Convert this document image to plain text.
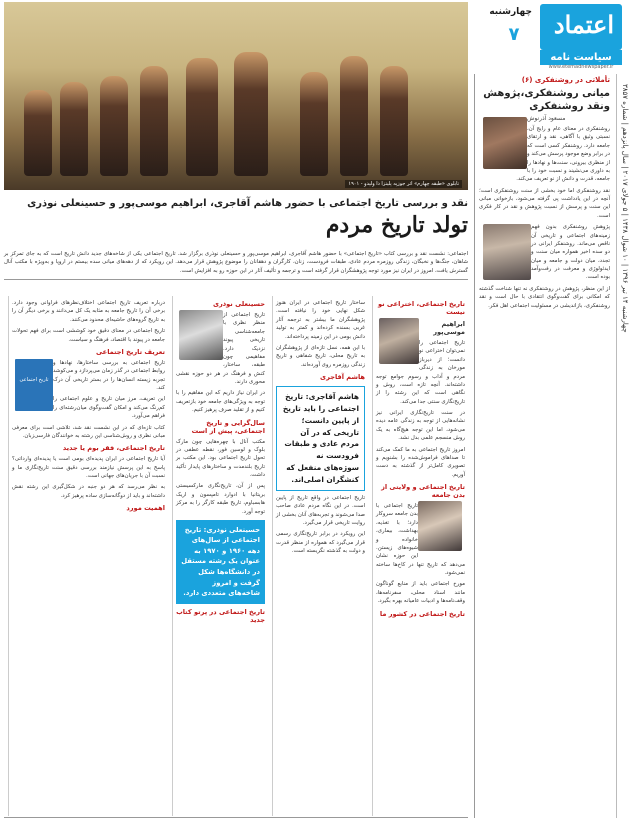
اعتماد
چهارشنبه
۷
سیاست نامه
www.etemadnewspaper.ir
چهارشنبه ۱۴ تیر ۱۳۹۶ | ۱۰ شوال ۱۴۳۸ | ۵ جولای ۲۰۱۷ | سال پانزدهم | شماره ۳۸۵۷
تأملاتی در روشنفکری (۶)
میانی روشنفکری،پژوهش ونقد روشنفکری
مسعود آذرنوش

روشنفکری در معنای عام و رایج آن، نسبتی وثیق با آگاهی، نقد و ارتقای جامعه دارد. روشنفکر کسی است که در برابر وضع موجود پرسش می‌کند و از منظری بیرونی، سنت‌ها و نهادها را به داوری می‌نشیند و نسبت خود را با جامعه، قدرت و دانش از نو تعریف می‌کند.

نقد روشنفکری اما خود بخشی از سنت روشنفکری است؛ آنچه در این یادداشت پی گرفته می‌شود، بازخوانی مبانی این سنت و پرسش از نسبت پژوهش و نقد در کار فکری است.

پژوهش روشنفکری بدون فهم زمینه‌های اجتماعی و تاریخی آن ناقص می‌ماند. روشنفکر ایرانی در دو سده اخیر همواره میان سنت و تجدد، میان دولت و جامعه و میان ایدئولوژی و معرفت در رفت‌وآمد بوده است.

از این منظر، پژوهش در روشنفکری نه تنها شناخت گذشته که امکانی برای گفت‌وگوی انتقادی با حال است و نقد روشنفکری، بازاندیشی در مسئولیت اجتماعی اهل فکر.

تابلوی «طبقه چهارم» اثر جوزپه پلیتزا دا ولپدو - ۱۹۰۱
نقد و بررسی تاریخ اجتماعی با حضور هاشم آقاجری، ابراهیم موسی‌پور و حسینعلی نوذری
تولد تاریخ مردم

اجتماعی: نشست نقد و بررسی کتاب «تاریخ اجتماعی» با حضور هاشم آقاجری، ابراهیم موسی‌پور و حسینعلی نوذری برگزار شد. تاریخ اجتماعی یکی از شاخه‌های جدید دانش تاریخ است که به جای تمرکز بر شاهان، جنگ‌ها و نخبگان، زندگی روزمره مردم عادی، طبقات فرودست، زنان، کارگران و دهقانان را موضوع پژوهش قرار می‌دهد. این رویکرد که از دهه‌های میانی سده بیستم در اروپا و به‌ویژه با مکتب آنال گسترش یافت، امروز در ایران نیز مورد توجه پژوهشگران قرار گرفته است و ترجمه و تألیف آثار در این حوزه رو به افزایش است.

تاریخ اجتماعی، اختراعی نو نیست
ابراهیم موسی‌پور

تاریخ اجتماعی را نمی‌توان اختراعی نو دانست؛ از دیرباز مورخان به زندگی مردم و آداب و رسوم جوامع توجه داشته‌اند. آنچه تازه است، روش و نگاهی است که این رشته را از تاریخ‌نگاری سنتی جدا می‌کند.

در سنت تاریخ‌نگاری ایرانی نیز نشانه‌هایی از توجه به زندگی عامه دیده می‌شود، اما این توجه هیچ‌گاه به یک روش منسجم علمی بدل نشد.

امروز تاریخ اجتماعی به ما کمک می‌کند تا صداهای فراموش‌شده را بشنویم و تصویری کامل‌تر از گذشته به دست آوریم.

تاریخ اجتماعی و ولایتی از بدن جامعه

تاریخ اجتماعی با بدن جامعه سروکار دارد؛ با تغذیه، بهداشت، بیماری، خانواده و شیوه‌های زیستن. این حوزه نشان می‌دهد که تاریخ تنها در کاخ‌ها ساخته نمی‌شود.

مورخ اجتماعی باید از منابع گوناگون مانند اسناد محلی، سفرنامه‌ها، وقف‌نامه‌ها و ادبیات عامیانه بهره بگیرد.

تاریخ اجتماعی در کشور ما

ساختار تاریخ اجتماعی در ایران هنوز شکل نهایی خود را نیافته است. پژوهشگران ما بیشتر به ترجمه آثار غربی بسنده کرده‌اند و کمتر به تولید دانش بومی در این زمینه پرداخته‌اند.

با این همه، نسل تازه‌ای از پژوهشگران به تاریخ محلی، تاریخ شفاهی و تاریخ زندگی روزمره روی آورده‌اند.

هاشم آقاجری
هاشم آقاجری: تاریخ اجتماعی را باید تاریخ از پایین دانست؛ تاریخی که در آن مردم عادی و طبقات فرودست نه سوژه‌های منفعل که کنشگران اصلی‌اند.

تاریخ اجتماعی در واقع تاریخ از پایین است. در این نگاه مردم عادی صاحب صدا می‌شوند و تجربه‌های آنان بخشی از روایت تاریخی قرار می‌گیرد.

این رویکرد در برابر تاریخ‌نگاری رسمی قرار می‌گیرد که همواره از منظر قدرت و دولت به گذشته نگریسته است.

حسینعلی نوذری

تاریخ اجتماعی از منظر نظری با جامعه‌شناسی تاریخی پیوند نزدیک دارد. مفاهیمی چون طبقه، ساختار، کنش و فرهنگ در هر دو حوزه نقشی محوری دارند.

در ایران نیاز داریم که این مفاهیم را با توجه به ویژگی‌های جامعه خود بازتعریف کنیم و از تقلید صرف پرهیز کنیم.

سال‌گرایی و تاریخ اجتماعی، پیش از است

مکتب آنال با چهره‌هایی چون مارک بلوک و لوسین فور، نقطه عطفی در تحول تاریخ اجتماعی بود. این مکتب بر تاریخ بلندمدت و ساختارهای پایدار تأکید داشت.

پس از آن، تاریخ‌نگاری مارکسیستی بریتانیا با ادوارد تامپسون و اریک هابسباوم، تاریخ طبقه کارگر را به مرکز توجه آورد.

حسینعلی نوذری: تاریخ اجتماعی از سال‌های دهه ۱۹۶۰ و ۱۹۷۰ به عنوان یک رشته مستقل در دانشگاه‌ها شکل گرفت و امروز شاخه‌های متعددی دارد.
تاریخ اجتماعی در پرتو کتاب جدید

درباره تعریف تاریخ اجتماعی اختلاف‌نظرهای فراوانی وجود دارد. برخی آن را تاریخ جامعه به مثابه یک کل می‌دانند و برخی دیگر آن را به تاریخ گروه‌های حاشیه‌ای محدود می‌کنند.

تاریخ اجتماعی در معنای دقیق خود کوششی است برای فهم تحولات جامعه در پیوند با اقتصاد، فرهنگ و سیاست.

تعریف تاریخ اجتماعی
تاریخ اجتماعی

تاریخ اجتماعی به بررسی ساختارها، نهادها و روابط اجتماعی در گذر زمان می‌پردازد و می‌کوشد تجربه زیسته انسان‌ها را در بستر تاریخی آن درک کند.

این تعریف، مرز میان تاریخ و علوم اجتماعی را کم‌رنگ می‌کند و امکان گفت‌وگوی میان‌رشته‌ای را فراهم می‌آورد.

کتاب تازه‌ای که در این نشست نقد شد، تلاشی است برای معرفی مبانی نظری و روش‌شناسی این رشته به خوانندگان فارسی‌زبان.

تاریخ اجتماعی، فقر بوم یا جدید

آیا تاریخ اجتماعی در ایران پدیده‌ای بومی است یا پدیده‌ای وارداتی؟ پاسخ به این پرسش نیازمند بررسی دقیق سنت تاریخ‌نگاری ما و نسبت آن با جریان‌های جهانی است.

به نظر می‌رسد که هر دو جنبه در شکل‌گیری این رشته نقش داشته‌اند و باید از دوگانه‌سازی ساده پرهیز کرد.

اهمیت مورد
